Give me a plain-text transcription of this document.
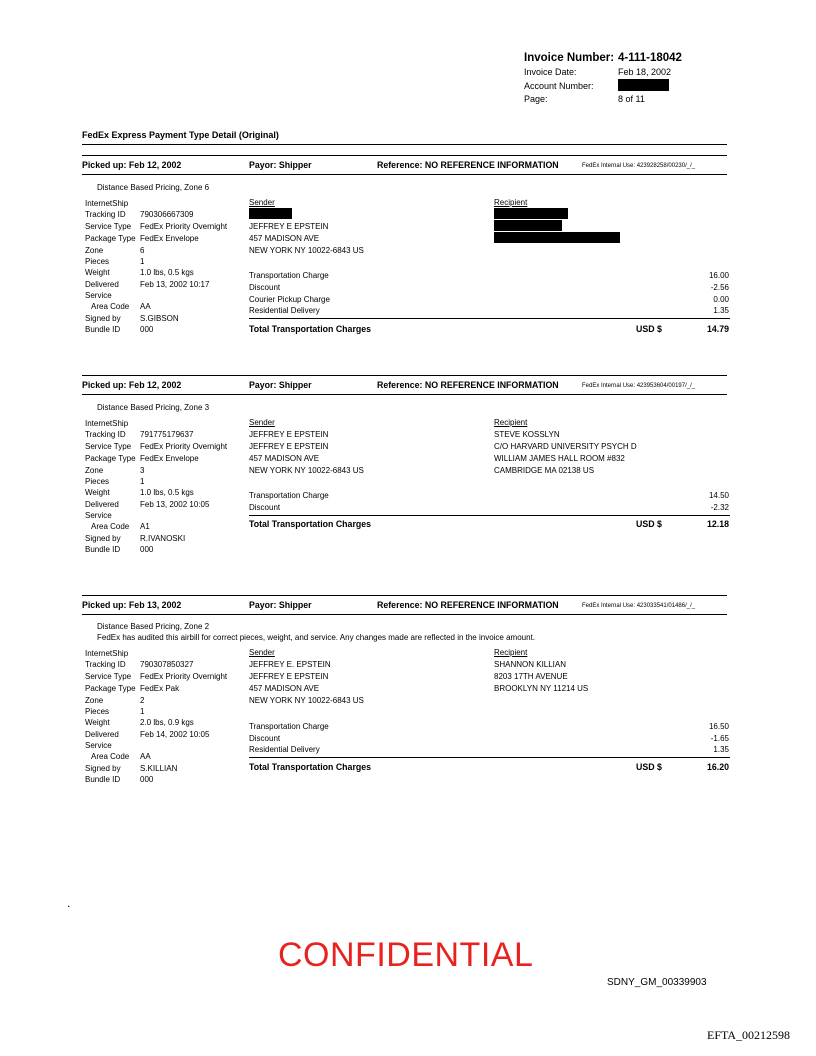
Invoice Number: 4-111-18042
Invoice Date:	Feb 18, 2002
Account Number:
Page:	8 of 11
FedEx Express Payment Type Detail (Original)
Picked up: Feb 12, 2002	Payor: Shipper	Reference: NO REFERENCE INFORMATION	FedEx Internal Use: 423928258/00230/_/_
Distance Based Pricing, Zone 6
InternetShip
Tracking ID 790306667309
Service Type FedEx Priority Overnight
Package Type FedEx Envelope
Zone	6
Pieces	1
Weight	1.0 lbs, 0.5 kgs
Delivered	Feb 13, 2002 10:17
Service
Area Code AA
Signed by S.GIBSON
Bundle ID 000
Sender
JEFFREY E EPSTEIN
457 MADISON AVE
NEW YORK NY 10022-6843 US
Recipient
Transportation Charge	16.00
Discount	-2.56
Courier Pickup Charge	0.00
Residential Delivery	1.35
Total Transportation Charges	USD $	14.79
Picked up: Feb 12, 2002	Payor: Shipper	Reference: NO REFERENCE INFORMATION	FedEx Internal Use: 423953604/00197/_/_
Distance Based Pricing, Zone 3
InternetShip
Tracking ID 791775179637
Service Type FedEx Priority Overnight
Package Type FedEx Envelope
Zone	3
Pieces	1
Weight	1.0 lbs, 0.5 kgs
Delivered	Feb 13, 2002 10:05
Service
Area Code A1
Signed by R.IVANOSKI
Bundle ID 000
Sender
JEFFREY E EPSTEIN
JEFFREY E EPSTEIN
457 MADISON AVE
NEW YORK NY 10022-6843 US
Recipient
STEVE KOSSLYN
C/O HARVARD UNIVERSITY PSYCH D
WILLIAM JAMES HALL ROOM #832
CAMBRIDGE MA 02138 US
Transportation Charge	14.50
Discount	-2.32
Total Transportation Charges	USD $	12.18
Picked up: Feb 13, 2002	Payor: Shipper	Reference: NO REFERENCE INFORMATION	FedEx Internal Use: 423033541/01486/_/_
Distance Based Pricing, Zone 2
FedEx has audited this airbill for correct pieces, weight, and service. Any changes made are reflected in the invoice amount.
InternetShip
Tracking ID 790307850327
Service Type FedEx Priority Overnight
Package Type FedEx Pak
Zone	2
Pieces	1
Weight	2.0 lbs, 0.9 kgs
Delivered	Feb 14, 2002 10:05
Service
Area Code AA
Signed by S.KILLIAN
Bundle ID 000
Sender
JEFFREY E. EPSTEIN
JEFFREY E EPSTEIN
457 MADISON AVE
NEW YORK NY 10022-6843 US
Recipient
SHANNON KILLIAN
8203 17TH AVENUE
BROOKLYN NY 11214 US
Transportation Charge	16.50
Discount	-1.65
Residential Delivery	1.35
Total Transportation Charges	USD $	16.20
.
CONFIDENTIAL
SDNY_GM_00339903
EFTA_00212598
